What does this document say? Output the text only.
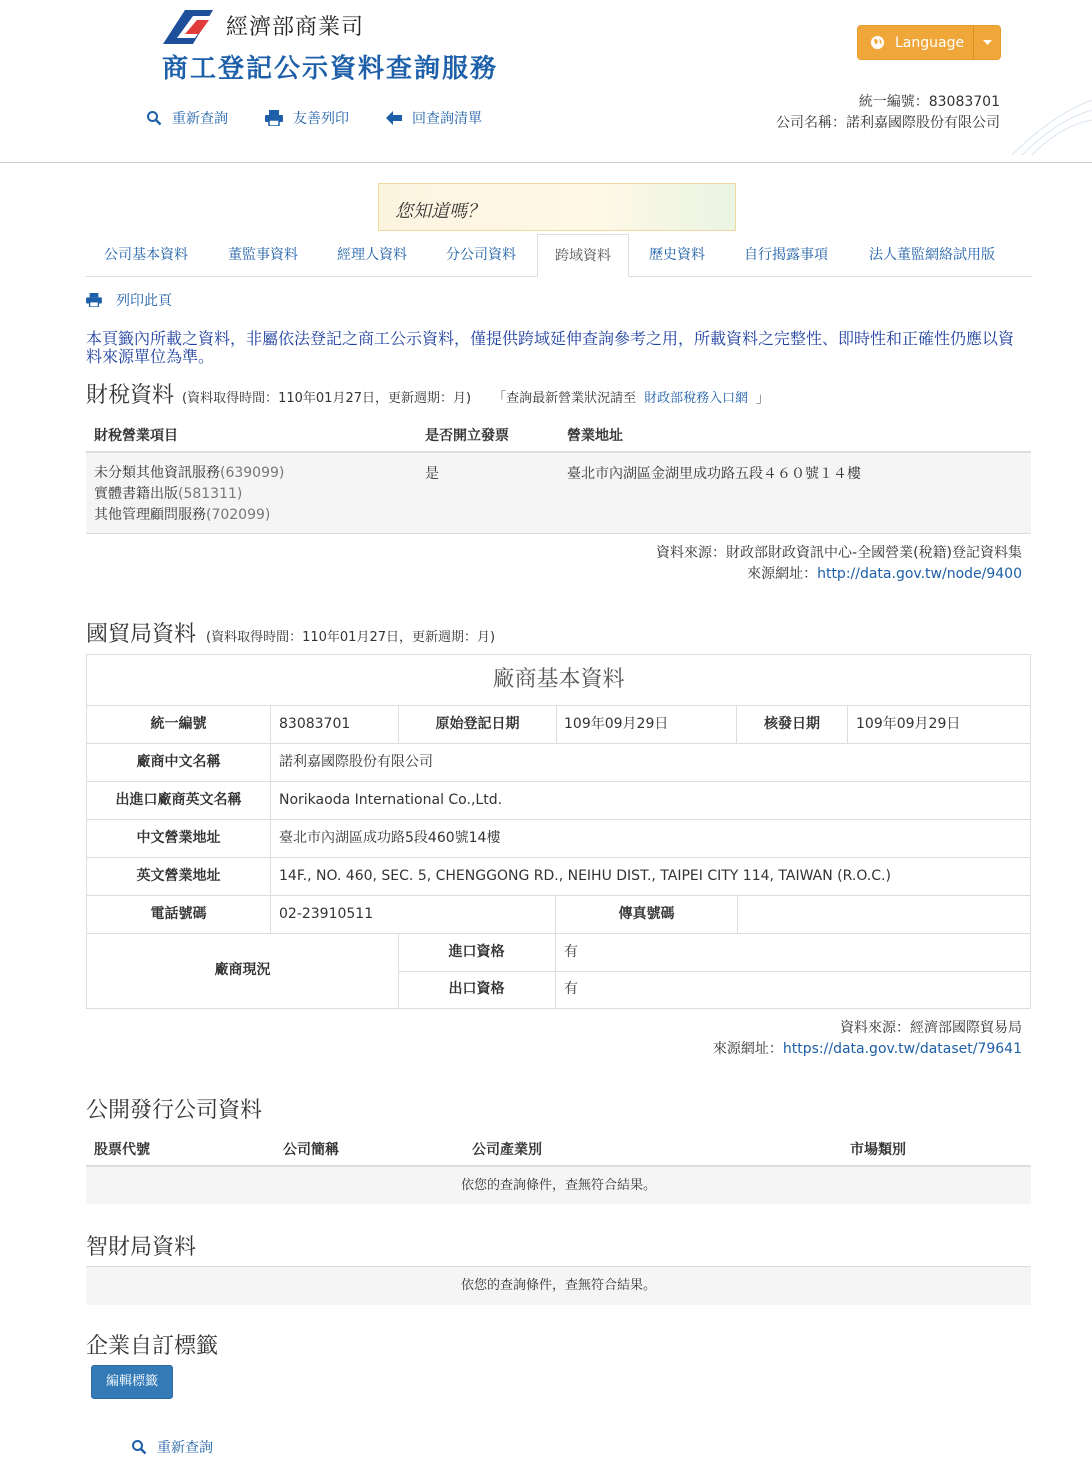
經濟部商業司
商工登記公示資料查詢服務
重新查詢	友善列印	回查詢清單
Language
統一編號：83083701
公司名稱：諾利嘉國際股份有限公司
您知道嗎？
公司基本資料	董監事資料	經理人資料	分公司資料	跨域資料	歷史資料	自行揭露事項	法人董監網絡試用版
列印此頁
本頁籤內所載之資料，非屬依法登記之商工公示資料，僅提供跨域延伸查詢參考之用，所載資料之完整性、即時性和正確性仍應以資料來源單位為準。
財稅資料 (資料取得時間：110年01月27日，更新週期：月) 「查詢最新營業狀況請至 財政部稅務入口網 」
財稅營業項目	是否開立發票	營業地址
未分類其他資訊服務(639099)
實體書籍出版(581311)
其他管理顧問服務(702099)
是	臺北市內湖區金湖里成功路五段４６０號１４樓
資料來源：財政部財政資訊中心-全國營業(稅籍)登記資料集
來源網址：http://data.gov.tw/node/9400
國貿局資料 (資料取得時間：110年01月27日，更新週期：月)
廠商基本資料
統一編號	83083701	原始登記日期	109年09月29日	核發日期	109年09月29日
廠商中文名稱	諾利嘉國際股份有限公司
出進口廠商英文名稱	Norikaoda International Co.,Ltd.
中文營業地址	臺北市內湖區成功路5段460號14樓
英文營業地址	14F., NO. 460, SEC. 5, CHENGGONG RD., NEIHU DIST., TAIPEI CITY 114, TAIWAN (R.O.C.)
電話號碼	02-23910511	傳真號碼
廠商現況
進口資格	有
出口資格	有
資料來源：經濟部國際貿易局
來源網址：https://data.gov.tw/dataset/79641
公開發行公司資料
股票代號	公司簡稱	公司產業別	市場類別
依您的查詢條件，查無符合結果。
智財局資料
依您的查詢條件，查無符合結果。
企業自訂標籤
編輯標籤
重新查詢
